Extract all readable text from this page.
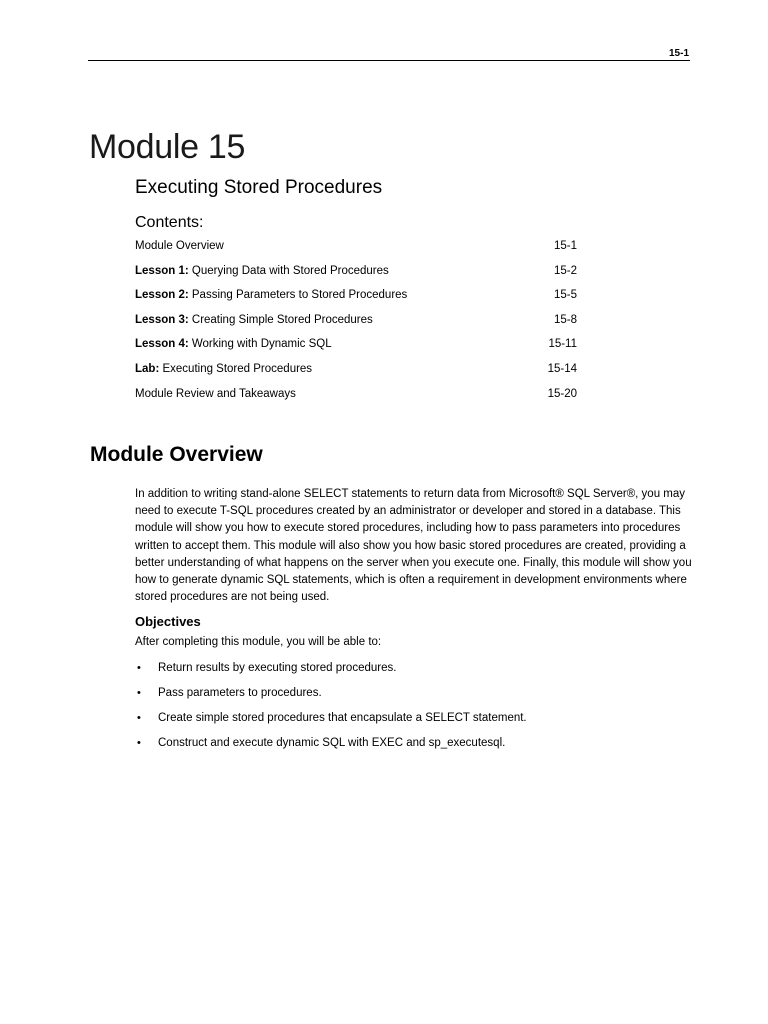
15-1
Module 15
Executing Stored Procedures
Contents:
Module Overview	15-1
Lesson 1: Querying Data with Stored Procedures	15-2
Lesson 2: Passing Parameters to Stored Procedures	15-5
Lesson 3: Creating Simple Stored Procedures	15-8
Lesson 4: Working with Dynamic SQL	15-11
Lab: Executing Stored Procedures	15-14
Module Review and Takeaways	15-20
Module Overview

In addition to writing stand-alone SELECT statements to return data from Microsoft® SQL Server®, you may need to execute T-SQL procedures created by an administrator or developer and stored in a database. This module will show you how to execute stored procedures, including how to pass parameters into procedures written to accept them. This module will also show you how basic stored procedures are created, providing a better understanding of what happens on the server when you execute one. Finally, this module will show you how to generate dynamic SQL statements, which is often a requirement in development environments where stored procedures are not being used.

Objectives
After completing this module, you will be able to:
• Return results by executing stored procedures.
• Pass parameters to procedures.
• Create simple stored procedures that encapsulate a SELECT statement.
• Construct and execute dynamic SQL with EXEC and sp_executesql.
